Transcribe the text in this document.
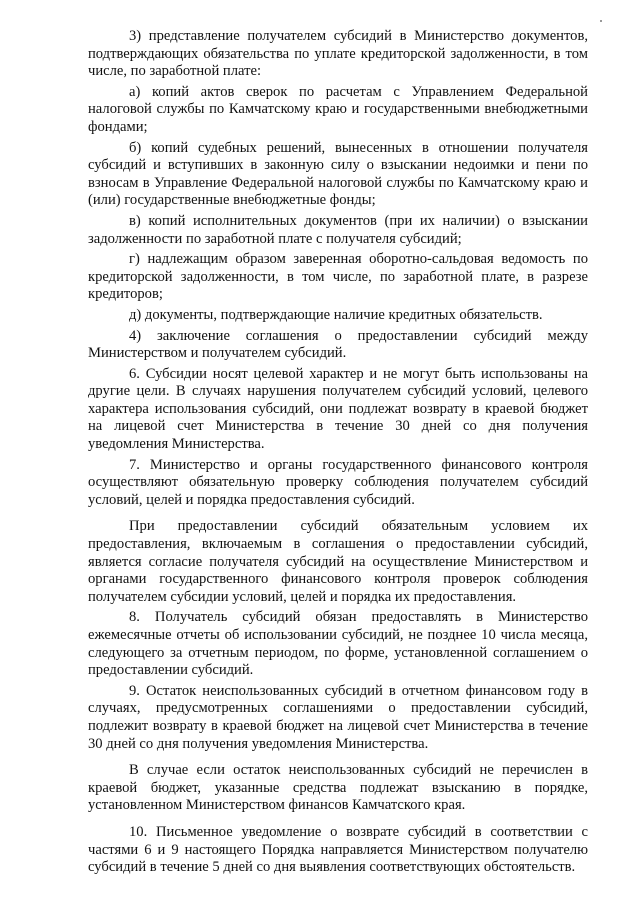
3) представление получателем субсидий в Министерство документов, подтверждающих обязательства по уплате кредиторской задолженности, в том числе, по заработной плате:

а) копий актов сверок по расчетам с Управлением Федеральной налоговой службы по Камчатскому краю и государственными внебюджетными фондами;

б) копий судебных решений, вынесенных в отношении получателя субсидий и вступивших в законную силу о взыскании недоимки и пени по взносам в Управление Федеральной налоговой службы по Камчатскому краю и (или) государственные внебюджетные фонды;

в) копий исполнительных документов (при их наличии) о взыскании задолженности по заработной плате с получателя субсидий;

г) надлежащим образом заверенная оборотно-сальдовая ведомость по кредиторской задолженности, в том числе, по заработной плате, в разрезе кредиторов;

д) документы, подтверждающие наличие кредитных обязательств.

4) заключение соглашения о предоставлении субсидий между Министерством и получателем субсидий.

6. Субсидии носят целевой характер и не могут быть использованы на другие цели. В случаях нарушения получателем субсидий условий, целевого характера использования субсидий, они подлежат возврату в краевой бюджет на лицевой счет Министерства в течение 30 дней со дня получения уведомления Министерства.

7. Министерство и органы государственного финансового контроля осуществляют обязательную проверку соблюдения получателем субсидий условий, целей и порядка предоставления субсидий.

При предоставлении субсидий обязательным условием их предоставления, включаемым в соглашения о предоставлении субсидий, является согласие получателя субсидий на осуществление Министерством и органами государственного финансового контроля проверок соблюдения получателем субсидии условий, целей и порядка их предоставления.

8. Получатель субсидий обязан предоставлять в Министерство ежемесячные отчеты об использовании субсидий, не позднее 10 числа месяца, следующего за отчетным периодом, по форме, установленной соглашением о предоставлении субсидий.

9. Остаток неиспользованных субсидий в отчетном финансовом году в случаях, предусмотренных соглашениями о предоставлении субсидий, подлежит возврату в краевой бюджет на лицевой счет Министерства в течение 30 дней со дня получения уведомления Министерства.

В случае если остаток неиспользованных субсидий не перечислен в краевой бюджет, указанные средства подлежат взысканию в порядке, установленном Министерством финансов Камчатского края.

10. Письменное уведомление о возврате субсидий в соответствии с частями 6 и 9 настоящего Порядка направляется Министерством получателю субсидий в течение 5 дней со дня выявления соответствующих обстоятельств.
